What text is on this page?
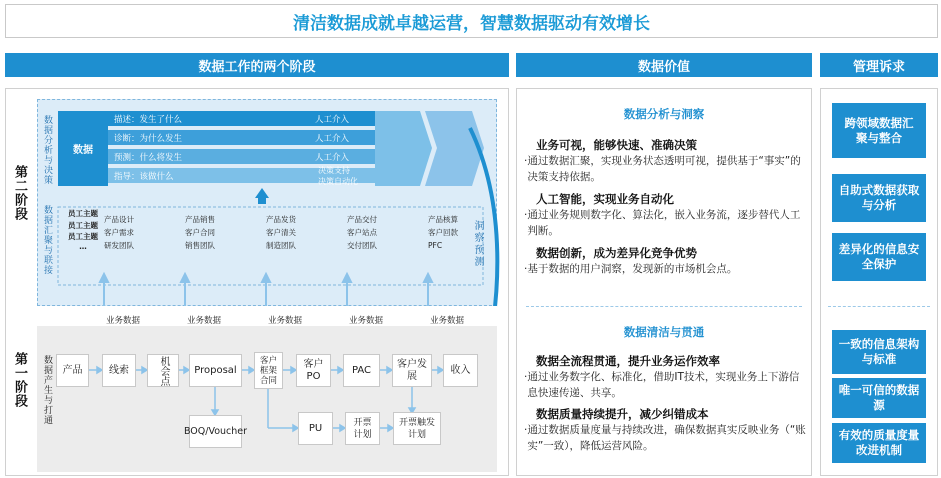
清洁数据成就卓越运营，智慧数据驱动有效增长
数据工作的两个阶段	数据价值	管理诉求
第二阶段
第一阶段
数据分析与决策
数据汇聚与联接
数据
描述：发生了什么
诊断：为什么发生
预测：什么将发生
指导：该做什么
人工介入
人工介入
人工介入
决策支持
决策自动化
洞察预测
员工主题
员工主题
员工主题
…
产品设计
客户需求
研发团队
产品销售
客户合同
销售团队
产品发货
客户清关
制造团队
产品交付
客户站点
交付团队
产品核算
客户回款
PFC
业务数据	业务数据	业务数据	业务数据	业务数据
数据产生与打通	产品	线索	机会点	Proposal
客户框架合同
客户PO
PAC
客户发展
收入
BOQ/Voucher	PU	开票计划
开票触发计划
数据分析与洞察
业务可视，能够快速、准确决策
· 通过数据汇聚，实现业务状态透明可视，提供基于“事实”的决策支持依据。
人工智能，实现业务自动化
· 通过业务规则数字化、算法化，嵌入业务流，逐步替代人工判断。
数据创新，成为差异化竞争优势
· 基于数据的用户洞察，发现新的市场机会点。
数据清洁与贯通
数据全流程贯通，提升业务运作效率
· 通过业务数字化、标准化，借助IT技术，实现业务上下游信息快速传递、共享。
数据质量持续提升，减少纠错成本
· 通过数据质量度量与持续改进，确保数据真实反映业务（“账实”一致），降低运营风险。
跨领域数据汇聚与整合
自助式数据获取与分析
差异化的信息安全保护
一致的信息架构与标准
唯一可信的数据源
有效的质量度量改进机制
